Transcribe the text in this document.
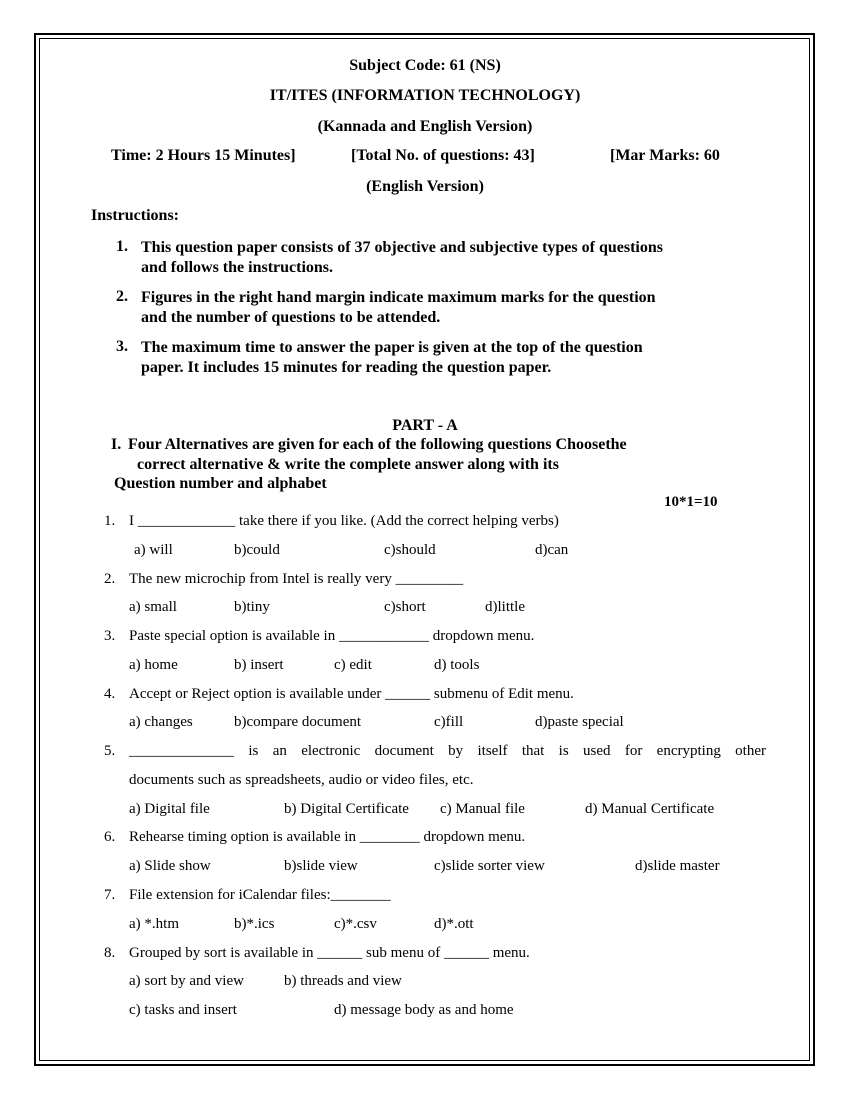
Subject Code: 61 (NS)
IT/ITES (INFORMATION TECHNOLOGY)
(Kannada and English Version)
Time: 2 Hours 15 Minutes]	[Total No. of questions: 43]	[Mar Marks: 60
(English Version)
Instructions:
1. This question paper consists of 37 objective and subjective types of questions
and follows the instructions.
2. Figures in the right hand margin indicate maximum marks for the question
and the number of questions to be attended.
3. The maximum time to answer the paper is given at the top of the question
paper. It includes 15 minutes for reading the question paper.
PART - A
I. Four Alternatives are given for each of the following questions Choosethe
correct alternative & write the complete answer along with its
Question number and alphabet
10*1=10
1. I _____________ take there if you like. (Add the correct helping verbs)
a) will	b)could	c)should	d)can
2. The new microchip from Intel is really very _________
a) small	b)tiny	c)short	d)little
3. Paste special option is available in ____________ dropdown menu.
a) home	b) insert	c) edit	d) tools
4. Accept or Reject option is available under ______ submenu of Edit menu.
a) changes	b)compare document	c)fill	d)paste special
5. ______________ is an electronic document by itself that is used for encrypting other
documents such as spreadsheets, audio or video files, etc.
a) Digital file	b) Digital Certificate c) Manual file	d) Manual Certificate
6. Rehearse timing option is available in ________ dropdown menu.
a) Slide show	b)slide view	c)slide sorter view	d)slide master
7. File extension for iCalendar files:________
a) *.htm	b)*.ics	c)*.csv	d)*.ott
8. Grouped by sort is available in ______ sub menu of ______ menu.
a) sort by and view	b) threads and view
c) tasks and insert	d) message body as and home
